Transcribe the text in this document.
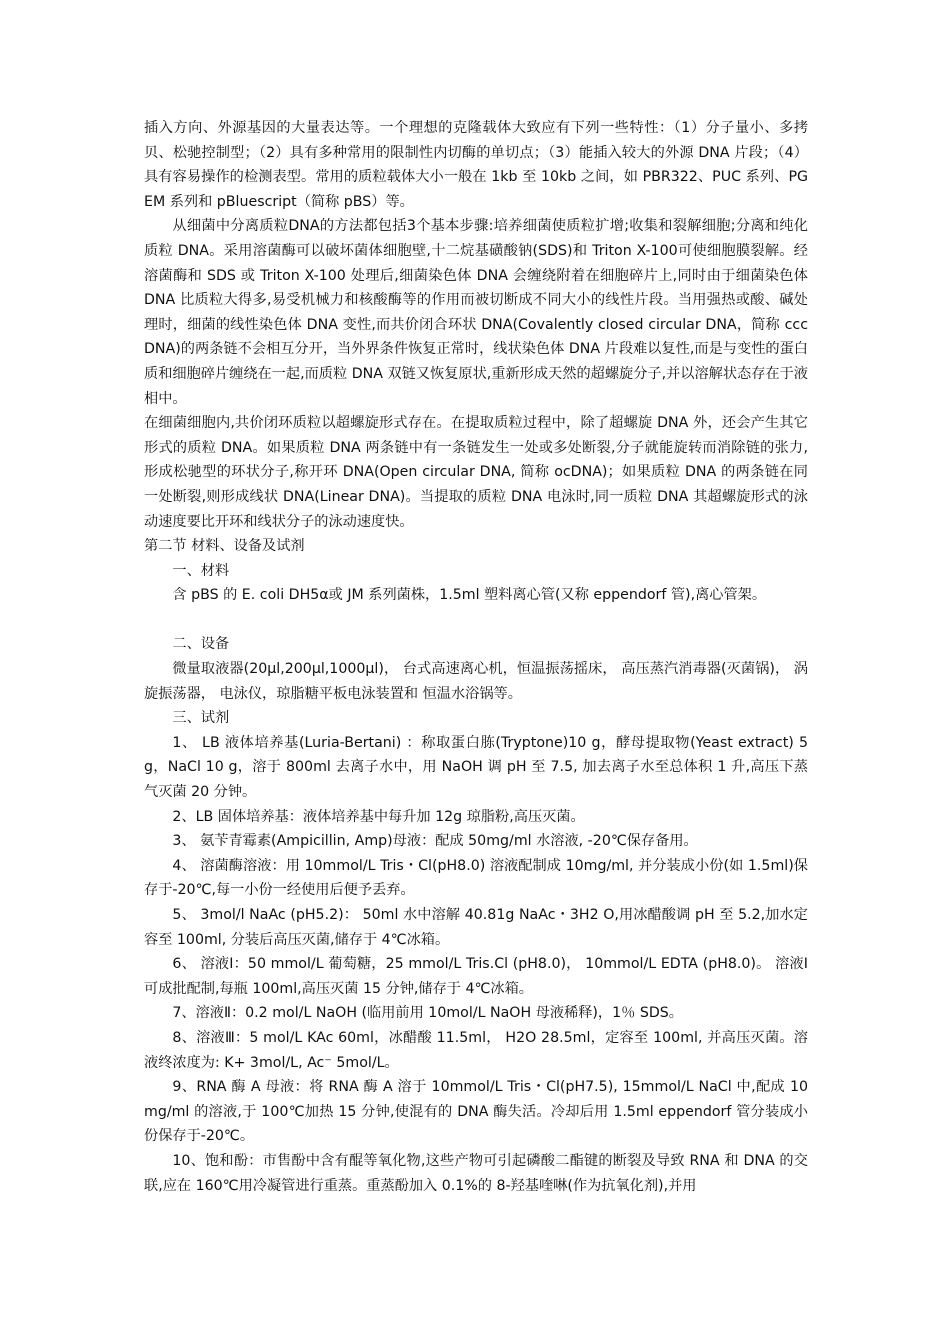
插入方向、外源基因的大量表达等。一个理想的克隆载体大致应有下列一些特性：（1）分子量小、多拷贝、松驰控制型；（2）具有多种常用的限制性内切酶的单切点；（3）能插入较大的外源 DNA 片段；（4）具有容易操作的检测表型。常用的质粒载体大小一般在 1kb 至 10kb 之间，如 PBR322、PUC 系列、PGEM 系列和 pBluescript（简称 pBS）等。

从细菌中分离质粒DNA的方法都包括3个基本步骤:培养细菌使质粒扩增;收集和裂解细胞;分离和纯化质粒 DNA。采用溶菌酶可以破坏菌体细胞壁,十二烷基磺酸钠(SDS)和 Triton X-100可使细胞膜裂解。经溶菌酶和 SDS 或 Triton X-100 处理后,细菌染色体 DNA 会缠绕附着在细胞碎片上,同时由于细菌染色体 DNA 比质粒大得多,易受机械力和核酸酶等的作用而被切断成不同大小的线性片段。当用强热或酸、碱处理时，细菌的线性染色体 DNA 变性,而共价闭合环状 DNA(Covalently closed circular DNA，简称 cccDNA)的两条链不会相互分开，当外界条件恢复正常时，线状染色体 DNA 片段难以复性,而是与变性的蛋白质和细胞碎片缠绕在一起,而质粒 DNA 双链又恢复原状,重新形成天然的超螺旋分子,并以溶解状态存在于液相中。

在细菌细胞内,共价闭环质粒以超螺旋形式存在。在提取质粒过程中，除了超螺旋 DNA 外，还会产生其它形式的质粒 DNA。如果质粒 DNA 两条链中有一条链发生一处或多处断裂,分子就能旋转而消除链的张力,形成松驰型的环状分子,称开环 DNA(Open circular DNA, 简称 ocDNA)；如果质粒 DNA 的两条链在同一处断裂,则形成线状 DNA(Linear DNA)。当提取的质粒 DNA 电泳时,同一质粒 DNA 其超螺旋形式的泳动速度要比开环和线状分子的泳动速度快。

第二节 材料、设备及试剂

一、材料

含 pBS 的 E. coli DH5α或 JM 系列菌株，1.5ml 塑料离心管(又称 eppendorf 管),离心管架。

二、设备

微量取液器(20μl,200μl,1000μl)， 台式高速离心机，恒温振荡摇床， 高压蒸汽消毒器(灭菌锅)， 涡旋振荡器， 电泳仪，琼脂糖平板电泳装置和 恒温水浴锅等。

三、试剂

1、 LB 液体培养基(Luria-Bertani) ：称取蛋白胨(Tryptone)10 g，酵母提取物(Yeast extract) 5 g，NaCl 10 g，溶于 800ml 去离子水中，用 NaOH 调 pH 至 7.5, 加去离子水至总体积 1 升,高压下蒸气灭菌 20 分钟。

2、LB 固体培养基：液体培养基中每升加 12g 琼脂粉,高压灭菌。

3、 氨苄青霉素(Ampicillin, Amp)母液：配成 50mg/ml 水溶液, -20℃保存备用。

4、 溶菌酶溶液：用 10mmol/L Tris・Cl(pH8.0) 溶液配制成 10mg/ml, 并分装成小份(如 1.5ml)保存于-20℃,每一小份一经使用后便予丢弃。

5、 3mol/l NaAc (pH5.2)： 50ml 水中溶解 40.81g NaAc・3H2 O,用冰醋酸调 pH 至 5.2,加水定容至 100ml, 分装后高压灭菌,储存于 4℃冰箱。

6、 溶液Ⅰ：50 mmol/L 葡萄糖，25 mmol/L Tris.Cl (pH8.0)， 10mmol/L EDTA (pH8.0)。 溶液Ⅰ可成批配制,每瓶 100ml,高压灭菌 15 分钟,储存于 4℃冰箱。

7、溶液Ⅱ：0.2 mol/L NaOH (临用前用 10mol/L NaOH 母液稀释)，1％ SDS。

8、溶液Ⅲ：5 mol/L KAc 60ml，冰醋酸 11.5ml， H2O 28.5ml，定容至 100ml, 并高压灭菌。溶液终浓度为: K+ 3mol/L, Ac⁻ 5mol/L。

9、RNA 酶 A 母液：将 RNA 酶 A 溶于 10mmol/L Tris・Cl(pH7.5), 15mmol/L NaCl 中,配成 10mg/ml 的溶液,于 100℃加热 15 分钟,使混有的 DNA 酶失活。冷却后用 1.5ml eppendorf 管分装成小份保存于-20℃。

10、饱和酚：市售酚中含有醌等氧化物,这些产物可引起磷酸二酯键的断裂及导致 RNA 和 DNA 的交联,应在 160℃用冷凝管进行重蒸。重蒸酚加入 0.1%的 8-羟基喹啉(作为抗氧化剂),并用
